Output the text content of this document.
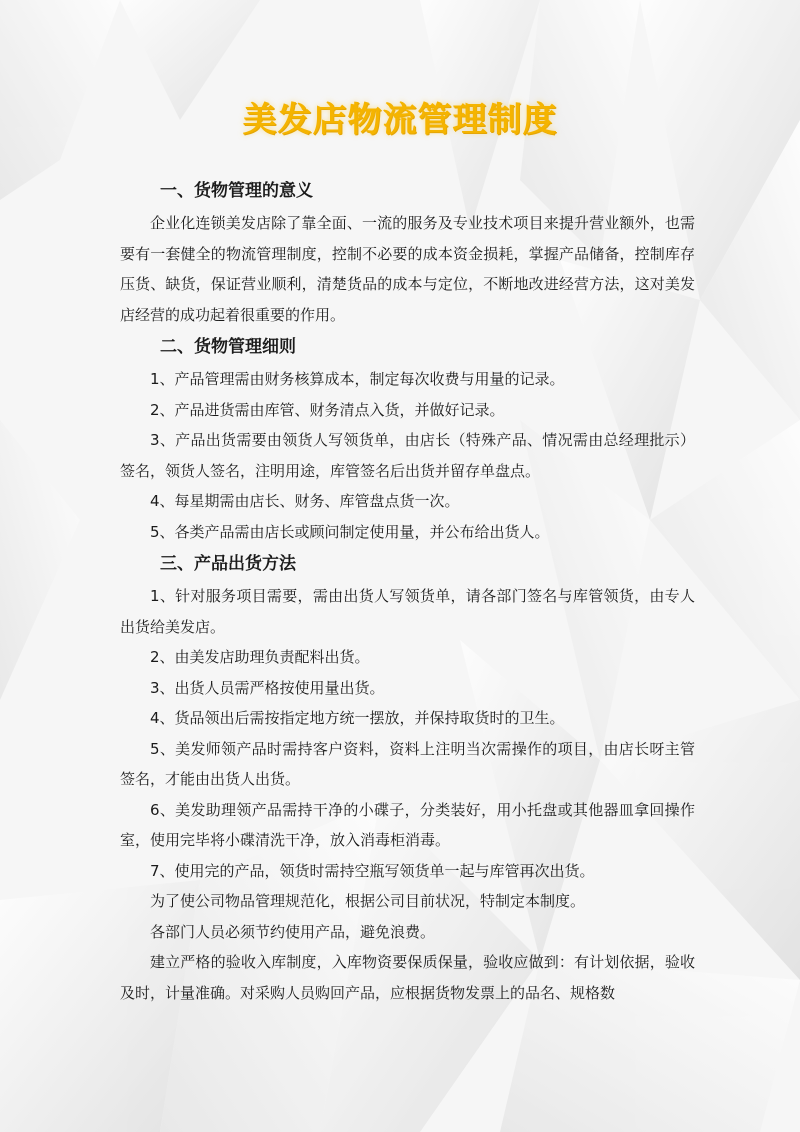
美发店物流管理制度
一、货物管理的意义

企业化连锁美发店除了靠全面、一流的服务及专业技术项目来提升营业额外，也需要有一套健全的物流管理制度，控制不必要的成本资金损耗，掌握产品储备，控制库存压货、缺货，保证营业顺利，清楚货品的成本与定位，不断地改进经营方法，这对美发店经营的成功起着很重要的作用。

二、货物管理细则

1、产品管理需由财务核算成本，制定每次收费与用量的记录。

2、产品进货需由库管、财务清点入货，并做好记录。

3、产品出货需要由领货人写领货单，由店长（特殊产品、情况需由总经理批示）签名，领货人签名，注明用途，库管签名后出货并留存单盘点。

4、每星期需由店长、财务、库管盘点货一次。

5、各类产品需由店长或顾问制定使用量，并公布给出货人。

三、产品出货方法

1、针对服务项目需要，需由出货人写领货单，请各部门签名与库管领货，由专人出货给美发店。

2、由美发店助理负责配料出货。

3、出货人员需严格按使用量出货。

4、货品领出后需按指定地方统一摆放，并保持取货时的卫生。

5、美发师领产品时需持客户资料，资料上注明当次需操作的项目，由店长呀主管签名，才能由出货人出货。

6、美发助理领产品需持干净的小碟子，分类装好，用小托盘或其他器皿拿回操作室，使用完毕将小碟清洗干净，放入消毒柜消毒。

7、使用完的产品，领货时需持空瓶写领货单一起与库管再次出货。

为了使公司物品管理规范化，根据公司目前状况，特制定本制度。

各部门人员必须节约使用产品，避免浪费。

建立严格的验收入库制度，入库物资要保质保量，验收应做到：有计划依据，验收及时，计量准确。对采购人员购回产品，应根据货物发票上的品名、规格数
